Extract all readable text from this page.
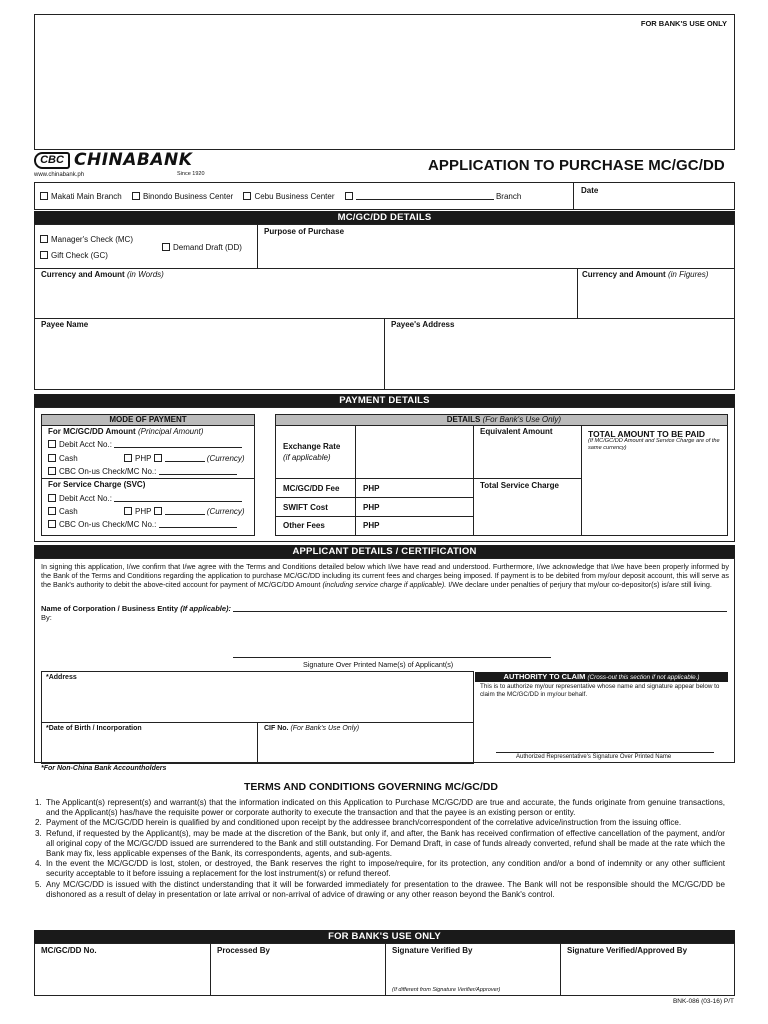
FOR BANK'S USE ONLY
CBC CHINABANK
www.chinabank.ph	Since 1920	APPLICATION TO PURCHASE MC/GC/DD
Makati Main Branch	Binondo Business Center	Cebu Business Center	Branch
Date
MC/GC/DD DETAILS
Manager's Check (MC)
Gift Check (GC)
Demand Draft (DD)
Purpose of Purchase
Currency and Amount (in Words)	Currency and Amount (in Figures)
Payee Name	Payee's Address
PAYMENT DETAILS
MODE OF PAYMENT
For MC/GC/DD Amount (Principal Amount)
Debit Acct No.:
Cash	PHP	(Currency)
CBC On-us Check/MC No.:
For Service Charge (SVC)
Debit Acct No.:
Cash	PHP	(Currency)
CBC On-us Check/MC No.:
DETAILS (For Bank's Use Only)
Exchange Rate
(if applicable)
Equivalent Amount	TOTAL AMOUNT TO BE PAID
(If MC/GC/DD Amount and Service Charge are of the same currency)
MC/GC/DD Fee	PHP
SWIFT Cost	PHP
Other Fees	PHP
Total Service Charge
APPLICANT DETAILS / CERTIFICATION
In signing this application, I/we confirm that I/we agree with the Terms and Conditions detailed below which I/we have read and understood. Furthermore, I/we acknowledge that I/we have been properly informed by the Bank of the Terms and Conditions regarding the application to purchase MC/GC/DD including its current fees and charges being imposed. If payment is to be debited from my/our deposit account, this will serve as the Bank's authority to debit the above-cited account for payment of MC/GC/DD Amount (including service charge if applicable). I/We declare under penalties of perjury that my/our co-depositor(s) is/are still living.
Name of Corporation / Business Entity (If applicable):
By:
Signature Over Printed Name(s) of Applicant(s)
*Address
*Date of Birth / Incorporation	CIF No. (For Bank's Use Only)
*For Non-China Bank Accountholders
AUTHORITY TO CLAIM (Cross-out this section if not applicable.)
This is to authorize my/our representative whose name and signature appear below to claim the MC/GC/DD in my/our behalf.
Authorized Representative's Signature Over Printed Name
TERMS AND CONDITIONS GOVERNING MC/GC/DD
1. The Applicant(s) represent(s) and warrant(s) that the information indicated on this Application to Purchase MC/GC/DD are true and accurate, the funds originate from genuine transactions, and the Applicant(s) has/have the requisite power or corporate authority to execute the transaction and that the payee is an existing person or entity.
2. Payment of the MC/GC/DD herein is qualified by and conditioned upon receipt by the addressee branch/correspondent of the correlative advice/instruction from the issuing office.
3. Refund, if requested by the Applicant(s), may be made at the discretion of the Bank, but only if, and after, the Bank has received confirmation of effective cancellation of the payment, and/or all original copy of the MC/GC/DD issued are surrendered to the Bank and still outstanding. For Demand Draft, in case of funds already converted, refund shall be made at the rate which the Bank may fix, less applicable expenses of the Bank, its correspondents, agents, and sub-agents.
4. In the event the MC/GC/DD is lost, stolen, or destroyed, the Bank reserves the right to impose/require, for its protection, any condition and/or a bond of indemnity or any other sufficient security acceptable to it before issuing a replacement for the lost instrument(s) or refund thereof.
5. Any MC/GC/DD is issued with the distinct understanding that it will be forwarded immediately for presentation to the drawee. The Bank will not be responsible should the MC/GC/DD be dishonored as a result of delay in presentation or late arrival or non-arrival of advice of drawing or any other reason beyond the Bank's control.
FOR BANK'S USE ONLY
MC/GC/DD No.	Processed By	Signature Verified By	Signature Verified/Approved By
(If different from Signature Verifier/Approver)
BNK-086 (03-16) P/T
